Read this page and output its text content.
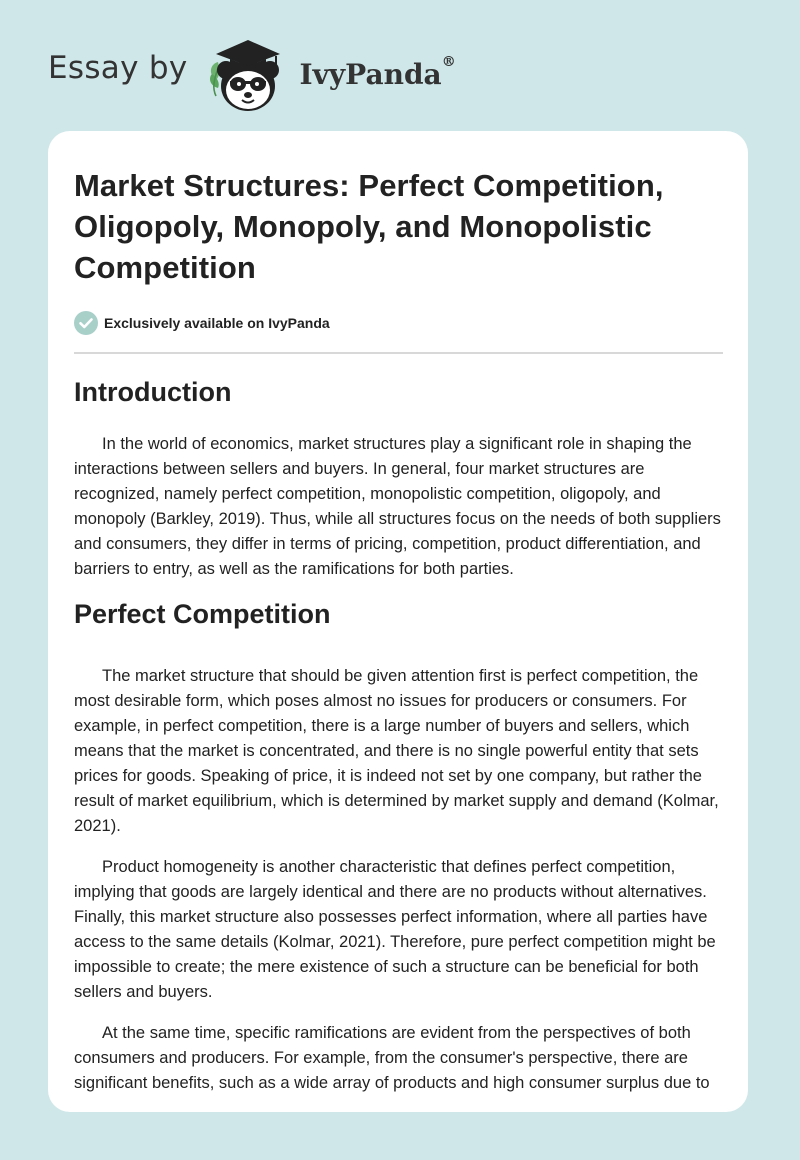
Essay by	IvyPanda®
Market Structures: Perfect Competition, Oligopoly, Monopoly, and Monopolistic Competition
Exclusively available on IvyPanda
Introduction

In the world of economics, market structures play a significant role in shaping the interactions between sellers and buyers. In general, four market structures are recognized, namely perfect competition, monopolistic competition, oligopoly, and monopoly (Barkley, 2019). Thus, while all structures focus on the needs of both suppliers and consumers, they differ in terms of pricing, competition, product differentiation, and barriers to entry, as well as the ramifications for both parties.

Perfect Competition

The market structure that should be given attention first is perfect competition, the most desirable form, which poses almost no issues for producers or consumers. For example, in perfect competition, there is a large number of buyers and sellers, which means that the market is concentrated, and there is no single powerful entity that sets prices for goods. Speaking of price, it is indeed not set by one company, but rather the result of market equilibrium, which is determined by market supply and demand (Kolmar, 2021).

Product homogeneity is another characteristic that defines perfect competition, implying that goods are largely identical and there are no products without alternatives. Finally, this market structure also possesses perfect information, where all parties have access to the same details (Kolmar, 2021). Therefore, pure perfect competition might be impossible to create; the mere existence of such a structure can be beneficial for both sellers and buyers.

At the same time, specific ramifications are evident from the perspectives of both consumers and producers. For example, from the consumer's perspective, there are significant benefits, such as a wide array of products and high consumer surplus due to
